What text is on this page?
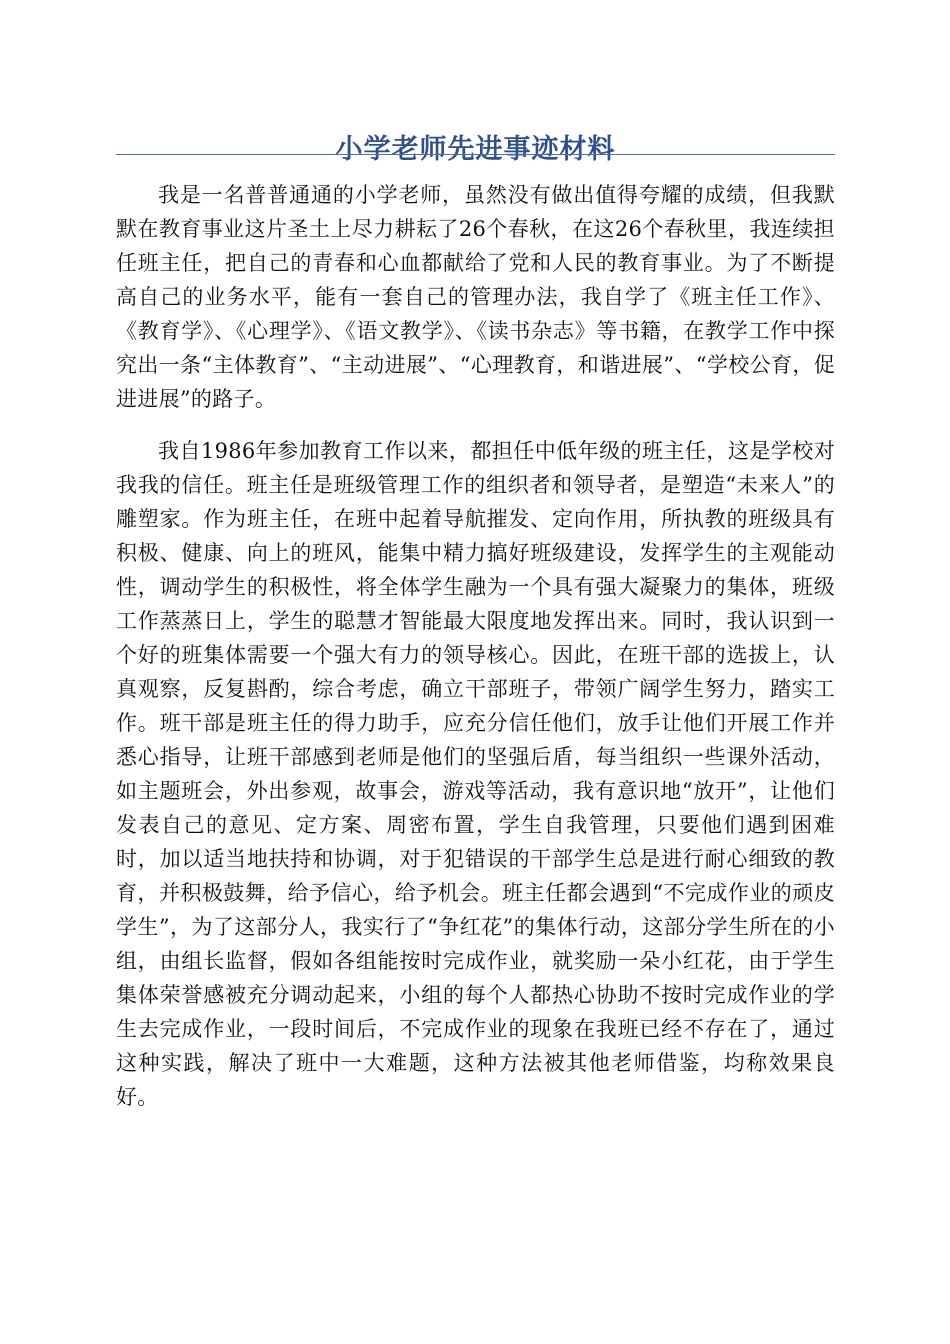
小学老师先进事迹材料

我是一名普普通通的小学老师，虽然没有做出值得夸耀的成绩，但我默默在教育事业这片圣土上尽力耕耘了26个春秋，在这26个春秋里，我连续担任班主任，把自己的青春和心血都献给了党和人民的教育事业。为了不断提高自己的业务水平，能有一套自己的管理办法，我自学了《班主任工作》、《教育学》、《心理学》、《语文教学》、《读书杂志》等书籍，在教学工作中探究出一条“主体教育”、“主动进展”、“心理教育，和谐进展”、“学校公育，促进进展”的路子。

我自1986年参加教育工作以来，都担任中低年级的班主任，这是学校对我我的信任。班主任是班级管理工作的组织者和领导者，是塑造“未来人”的雕塑家。作为班主任，在班中起着导航摧发、定向作用，所执教的班级具有积极、健康、向上的班风，能集中精力搞好班级建设，发挥学生的主观能动性，调动学生的积极性，将全体学生融为一个具有强大凝聚力的集体，班级工作蒸蒸日上，学生的聪慧才智能最大限度地发挥出来。同时，我认识到一个好的班集体需要一个强大有力的领导核心。因此，在班干部的选拔上，认真观察，反复斟酌，综合考虑，确立干部班子，带领广阔学生努力，踏实工作。班干部是班主任的得力助手，应充分信任他们，放手让他们开展工作并悉心指导，让班干部感到老师是他们的坚强后盾，每当组织一些课外活动，如主题班会，外出参观，故事会，游戏等活动，我有意识地“放开”，让他们发表自己的意见、定方案、周密布置，学生自我管理，只要他们遇到困难时，加以适当地扶持和协调，对于犯错误的干部学生总是进行耐心细致的教育，并积极鼓舞，给予信心，给予机会。班主任都会遇到“不完成作业的顽皮学生”，为了这部分人，我实行了“争红花”的集体行动，这部分学生所在的小组，由组长监督，假如各组能按时完成作业，就奖励一朵小红花，由于学生集体荣誉感被充分调动起来，小组的每个人都热心协助不按时完成作业的学生去完成作业，一段时间后，不完成作业的现象在我班已经不存在了，通过这种实践，解决了班中一大难题，这种方法被其他老师借鉴，均称效果良好。
